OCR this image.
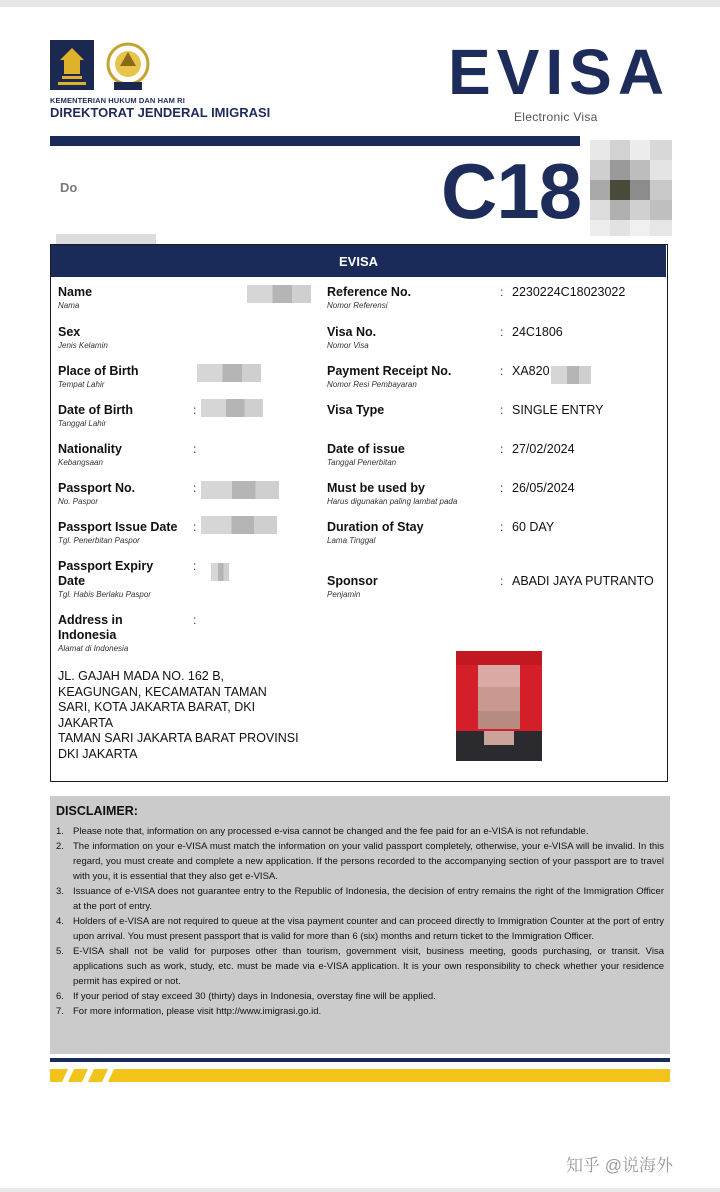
KEMENTERIAN HUKUM DAN HAM RI
DIREKTORAT JENDERAL IMIGRASI
EVISA
Electronic Visa
Do	C18
EVISA
Name
Nama
Sex
Jenis Kelamin
Place of Birth
Tempat Lahir
Date of Birth
Tanggal Lahir
:
Nationality
Kebangsaan
:
Passport No.
No. Paspor
:
Passport Issue Date
Tgl. Penerbitan Paspor
:
Passport Expiry Date
Tgl. Habis Berlaku Paspor
:
Address in Indonesia
Alamat di Indonesia
:
JL. GAJAH MADA NO. 162 B,
KEAGUNGAN, KECAMATAN TAMAN
SARI, KOTA JAKARTA BARAT, DKI
JAKARTA
TAMAN SARI JAKARTA BARAT PROVINSI
DKI JAKARTA
Reference No.
Nomor Referensi
: 2230224C18023022
Visa No.
Nomor Visa
: 24C1806
Payment Receipt No.
Nomor Resi Pembayaran
: XA820
Visa Type	: SINGLE ENTRY
Date of issue
Tanggal Penerbitan
: 27/02/2024
Must be used by
Harus digunakan paling lambat pada
: 26/05/2024
Duration of Stay
Lama Tinggal
: 60 DAY
Sponsor
Penjamin
: ABADI JAYA PUTRANTO
DISCLAIMER:
1. Please note that, information on any processed e-visa cannot be changed and the fee paid for an e-VISA is not refundable.
2. The information on your e-VISA must match the information on your valid passport completely, otherwise, your e-VISA will be invalid. In this regard, you must create and complete a new application. If the persons recorded to the accompanying section of your passport are to travel with you, it is essential that they also get e-VISA.
3. Issuance of e-VISA does not guarantee entry to the Republic of Indonesia, the decision of entry remains the right of the Immigration Officer at the port of entry.
4. Holders of e-VISA are not required to queue at the visa payment counter and can proceed directly to Immigration Counter at the port of entry upon arrival. You must present passport that is valid for more than 6 (six) months and return ticket to the Immigration Officer.
5. E-VISA shall not be valid for purposes other than tourism, government visit, business meeting, goods purchasing, or transit. Visa applications such as work, study, etc. must be made via e-VISA application. It is your own responsibility to check whether your residence permit has expired or not.
6. If your period of stay exceed 30 (thirty) days in Indonesia, overstay fine will be applied.
7. For more information, please visit http://www.imigrasi.go.id.
知乎 @说海外
